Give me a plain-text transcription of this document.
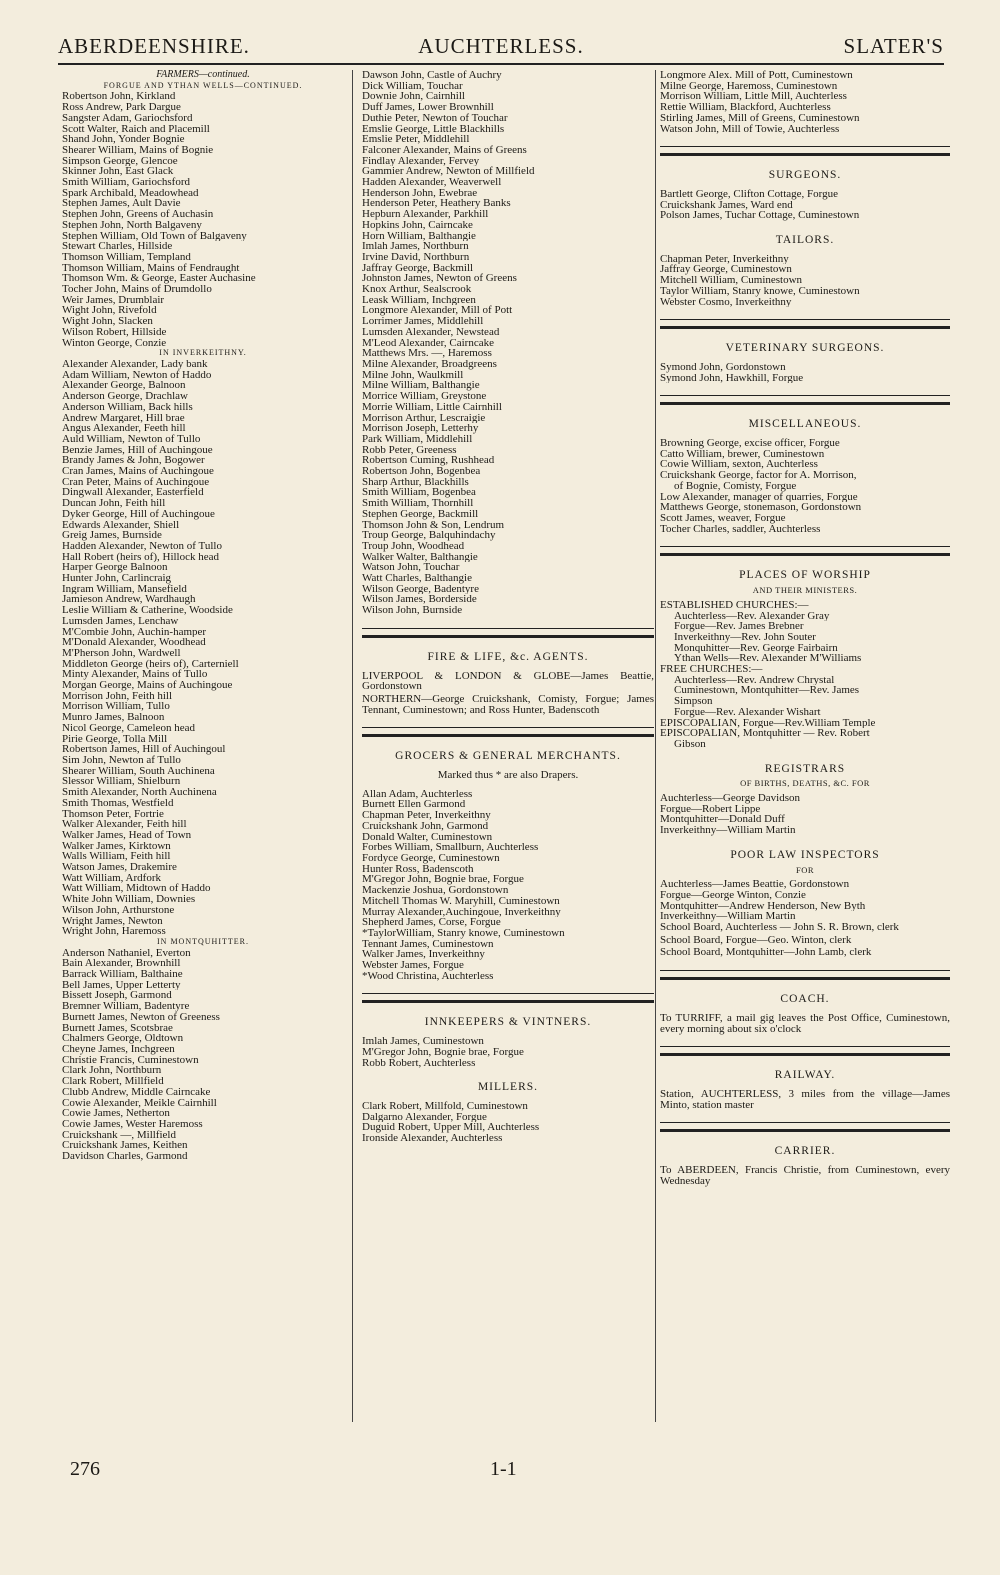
ABERDEENSHIRE.	AUCHTERLESS.	SLATER'S
FARMERS—continued.
FORGUE AND YTHAN WELLS—CONTINUED.
Robertson John, Kirkland
Ross Andrew, Park Dargue
Sangster Adam, Gariochsford
Scott Walter, Raich and Placemill
Shand John, Yonder Bognie
Shearer William, Mains of Bognie
Simpson George, Glencoe
Skinner John, East Glack
Smith William, Gariochsford
Spark Archibald, Meadowhead
Stephen James, Ault Davie
Stephen John, Greens of Auchasin
Stephen John, North Balgaveny
Stephen William, Old Town of Balgaveny
Stewart Charles, Hillside
Thomson William, Templand
Thomson William, Mains of Fendraught
Thomson Wm. & George, Easter Auchasine
Tocher John, Mains of Drumdollo
Weir James, Drumblair
Wight John, Rivefold
Wight John, Slacken
Wilson Robert, Hillside
Winton George, Conzie
IN INVERKEITHNY.
Alexander Alexander, Lady bank
Adam William, Newton of Haddo
Alexander George, Balnoon
Anderson George, Drachlaw
Anderson William, Back hills
Andrew Margaret, Hill brae
Angus Alexander, Feeth hill
Auld William, Newton of Tullo
Benzie James, Hill of Auchingoue
Brandy James & John, Bogower
Cran James, Mains of Auchingoue
Cran Peter, Mains of Auchingoue
Dingwall Alexander, Easterfield
Duncan John, Feith hill
Dyker George, Hill of Auchingoue
Edwards Alexander, Shiell
Greig James, Burnside
Hadden Alexander, Newton of Tullo
Hall Robert (heirs of), Hillock head
Harper George Balnoon
Hunter John, Carlincraig
Ingram William, Mansefield
Jamieson Andrew, Wardhaugh
Leslie William & Catherine, Woodside
Lumsden James, Lenchaw
M'Combie John, Auchin-hamper
M'Donald Alexander, Woodhead
M'Pherson John, Wardwell
Middleton George (heirs of), Carterniell
Minty Alexander, Mains of Tullo
Morgan George, Mains of Auchingoue
Morrison John, Feith hill
Morrison William, Tullo
Munro James, Balnoon
Nicol George, Cameleon head
Pirie George, Tolla Mill
Robertson James, Hill of Auchingoul
Sim John, Newton af Tullo
Shearer William, South Auchinena
Slessor William, Shielburn
Smith Alexander, North Auchinena
Smith Thomas, Westfield
Thomson Peter, Fortrie
Walker Alexander, Feith hill
Walker James, Head of Town
Walker James, Kirktown
Walls William, Feith hill
Watson James, Drakemire
Watt William, Ardfork
Watt William, Midtown of Haddo
White John William, Downies
Wilson John, Arthurstone
Wright James, Newton
Wright John, Haremoss
IN MONTQUHITTER.
Anderson Nathaniel, Everton
Bain Alexander, Brownhill
Barrack William, Balthaine
Bell James, Upper Letterty
Bissett Joseph, Garmond
Bremner William, Badentyre
Burnett James, Newton of Greeness
Burnett James, Scotsbrae
Chalmers George, Oldtown
Cheyne James, Inchgreen
Christie Francis, Cuminestown
Clark John, Northburn
Clark Robert, Millfield
Clubb Andrew, Middle Cairncake
Cowie Alexander, Meikle Cairnhill
Cowie James, Netherton
Cowie James, Wester Haremoss
Cruickshank —, Millfield
Cruickshank James, Keithen
Davidson Charles, Garmond
Dawson John, Castle of Auchry
Dick William, Touchar
Downie John, Cairnhill
Duff James, Lower Brownhill
Duthie Peter, Newton of Touchar
Emslie George, Little Blackhills
Emslie Peter, Middlehill
Falconer Alexander, Mains of Greens
Findlay Alexander, Fervey
Gammier Andrew, Newton of Millfield
Hadden Alexander, Weaverwell
Henderson John, Ewebrae
Henderson Peter, Heathery Banks
Hepburn Alexander, Parkhill
Hopkins John, Cairncake
Horn William, Balthangie
Imlah James, Northburn
Irvine David, Northburn
Jaffray George, Backmill
Johnston James, Newton of Greens
Knox Arthur, Sealscrook
Leask William, Inchgreen
Longmore Alexander, Mill of Pott
Lorrimer James, Middlehill
Lumsden Alexander, Newstead
M'Leod Alexander, Cairncake
Matthews Mrs. —, Haremoss
Milne Alexander, Broadgreens
Milne John, Waulkmill
Milne William, Balthangie
Morrice William, Greystone
Morrie William, Little Cairnhill
Morrison Arthur, Lescraigie
Morrison Joseph, Letterhy
Park William, Middlehill
Robb Peter, Greeness
Robertson Cuming, Rushhead
Robertson John, Bogenbea
Sharp Arthur, Blackhills
Smith William, Bogenbea
Smith William, Thornhill
Stephen George, Backmill
Thomson John & Son, Lendrum
Troup George, Balquhindachy
Troup John, Woodhead
Walker Walter, Balthangie
Watson John, Touchar
Watt Charles, Balthangie
Wilson George, Badentyre
Wilson James, Borderside
Wilson John, Burnside
FIRE & LIFE, &c. AGENTS.
LIVERPOOL & LONDON & GLOBE—James Beattie, Gordonstown
NORTHERN—George Cruickshank, Comisty, Forgue; James Tennant, Cuminestown; and Ross Hunter, Badenscoth
GROCERS & GENERAL MERCHANTS.
Marked thus * are also Drapers.
Allan Adam, Auchterless
Burnett Ellen Garmond
Chapman Peter, Inverkeithny
Cruickshank John, Garmond
Donald Walter, Cuminestown
Forbes William, Smallburn, Auchterless
Fordyce George, Cuminestown
Hunter Ross, Badenscoth
M'Gregor John, Bognie brae, Forgue
Mackenzie Joshua, Gordonstown
Mitchell Thomas W. Maryhill, Cuminestown
Murray Alexander,Auchingoue, Inverkeithny
Shepherd James, Corse, Forgue
*TaylorWilliam, Stanry knowe, Cuminestown
Tennant James, Cuminestown
Walker James, Inverkeithny
Webster James, Forgue
*Wood Christina, Auchterless
INNKEEPERS & VINTNERS.
Imlah James, Cuminestown
M'Gregor John, Bognie brae, Forgue
Robb Robert, Auchterless
MILLERS.
Clark Robert, Millfold, Cuminestown
Dalgarno Alexander, Forgue
Duguid Robert, Upper Mill, Auchterless
Ironside Alexander, Auchterless
Longmore Alex. Mill of Pott, Cuminestown
Milne George, Haremoss, Cuminestown
Morrison William, Little Mill, Auchterless
Rettie William, Blackford, Auchterless
Stirling James, Mill of Greens, Cuminestown
Watson John, Mill of Towie, Auchterless
SURGEONS.
Bartlett George, Clifton Cottage, Forgue
Cruickshank James, Ward end
Polson James, Tuchar Cottage, Cuminestown
TAILORS.
Chapman Peter, Inverkeithny
Jaffray George, Cuminestown
Mitchell William, Cuminestown
Taylor William, Stanry knowe, Cuminestown
Webster Cosmo, Inverkeithny
VETERINARY SURGEONS.
Symond John, Gordonstown
Symond John, Hawkhill, Forgue
MISCELLANEOUS.
Browning George, excise officer, Forgue
Catto William, brewer, Cuminestown
Cowie William, sexton, Auchterless
Cruickshank George, factor for A. Morrison,
of Bognie, Comisty, Forgue
Low Alexander, manager of quarries, Forgue
Matthews George, stonemason, Gordonstown
Scott James, weaver, Forgue
Tocher Charles, saddler, Auchterless
PLACES OF WORSHIP
AND THEIR MINISTERS.
ESTABLISHED CHURCHES:—
Auchterless—Rev. Alexander Gray
Forgue—Rev. James Brebner
Inverkeithny—Rev. John Souter
Monquhitter—Rev. George Fairbairn
Ythan Wells—Rev. Alexander M'Williams
FREE CHURCHES:—
Auchterless—Rev. Andrew Chrystal
Cuminestown, Montquhitter—Rev. James
Simpson
Forgue—Rev. Alexander Wishart
EPISCOPALIAN, Forgue—Rev.William Temple
EPISCOPALIAN, Montquhitter — Rev. Robert
Gibson
REGISTRARS
OF BIRTHS, DEATHS, &C. FOR
Auchterless—George Davidson
Forgue—Robert Lippe
Montquhitter—Donald Duff
Inverkeithny—William Martin
POOR LAW INSPECTORS
FOR
Auchterless—James Beattie, Gordonstown
Forgue—George Winton, Conzie
Montquhitter—Andrew Henderson, New Byth
Inverkeithny—William Martin
School Board, Auchterless — John S. R. Brown, clerk
School Board, Forgue—Geo. Winton, clerk
School Board, Montquhitter—John Lamb, clerk
COACH.
To TURRIFF, a mail gig leaves the Post Office, Cuminestown, every morning about six o'clock
RAILWAY.
Station, AUCHTERLESS, 3 miles from the village—James Minto, station master
CARRIER.
To ABERDEEN, Francis Christie, from Cuminestown, every Wednesday
276	1-1
